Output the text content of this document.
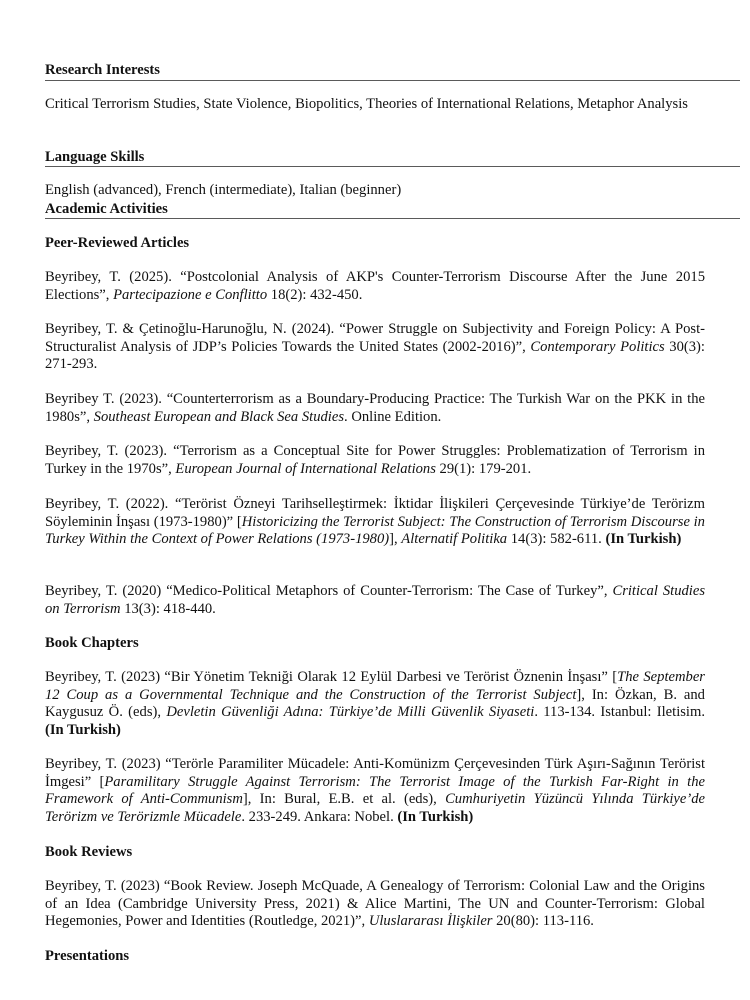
Research Interests
Critical Terrorism Studies, State Violence, Biopolitics, Theories of International Relations, Metaphor Analysis
Language Skills
English (advanced), French (intermediate), Italian (beginner)
Academic Activities
Peer-Reviewed Articles
Beyribey, T. (2025). “Postcolonial Analysis of AKP's Counter-Terrorism Discourse After the June 2015 Elections”, Partecipazione e Conflitto 18(2): 432-450.
Beyribey, T. & Çetinoğlu-Harunoğlu, N. (2024). “Power Struggle on Subjectivity and Foreign Policy: A Post-Structuralist Analysis of JDP’s Policies Towards the United States (2002-2016)”, Contemporary Politics 30(3): 271-293.
Beyribey T. (2023). “Counterterrorism as a Boundary-Producing Practice: The Turkish War on the PKK in the 1980s”, Southeast European and Black Sea Studies. Online Edition.
Beyribey, T. (2023). “Terrorism as a Conceptual Site for Power Struggles: Problematization of Terrorism in Turkey in the 1970s”, European Journal of International Relations 29(1): 179-201.
Beyribey, T. (2022). “Terörist Özneyi Tarihselleştirmek: İktidar İlişkileri Çerçevesinde Türkiye’de Terörizm Söyleminin İnşası (1973-1980)” [Historicizing the Terrorist Subject: The Construction of Terrorism Discourse in Turkey Within the Context of Power Relations (1973-1980)], Alternatif Politika 14(3): 582-611. (In Turkish)
Beyribey, T. (2020) “Medico-Political Metaphors of Counter-Terrorism: The Case of Turkey”, Critical Studies on Terrorism 13(3): 418-440.
Book Chapters
Beyribey, T. (2023) “Bir Yönetim Tekniği Olarak 12 Eylül Darbesi ve Terörist Öznenin İnşası” [The September 12 Coup as a Governmental Technique and the Construction of the Terrorist Subject], In: Özkan, B. and Kaygusuz Ö. (eds), Devletin Güvenliği Adına: Türkiye’de Milli Güvenlik Siyaseti. 113-134. Istanbul: Iletisim. (In Turkish)
Beyribey, T. (2023) “Terörle Paramiliter Mücadele: Anti-Komünizm Çerçevesinden Türk Aşırı-Sağının Terörist İmgesi” [Paramilitary Struggle Against Terrorism: The Terrorist Image of the Turkish Far-Right in the Framework of Anti-Communism], In: Bural, E.B. et al. (eds), Cumhuriyetin Yüzüncü Yılında Türkiye’de Terörizm ve Terörizmle Mücadele. 233-249. Ankara: Nobel. (In Turkish)
Book Reviews
Beyribey, T. (2023) “Book Review. Joseph McQuade, A Genealogy of Terrorism: Colonial Law and the Origins of an Idea (Cambridge University Press, 2021) & Alice Martini, The UN and Counter-Terrorism: Global Hegemonies, Power and Identities (Routledge, 2021)”, Uluslararası İlişkiler 20(80): 113-116.
Presentations
